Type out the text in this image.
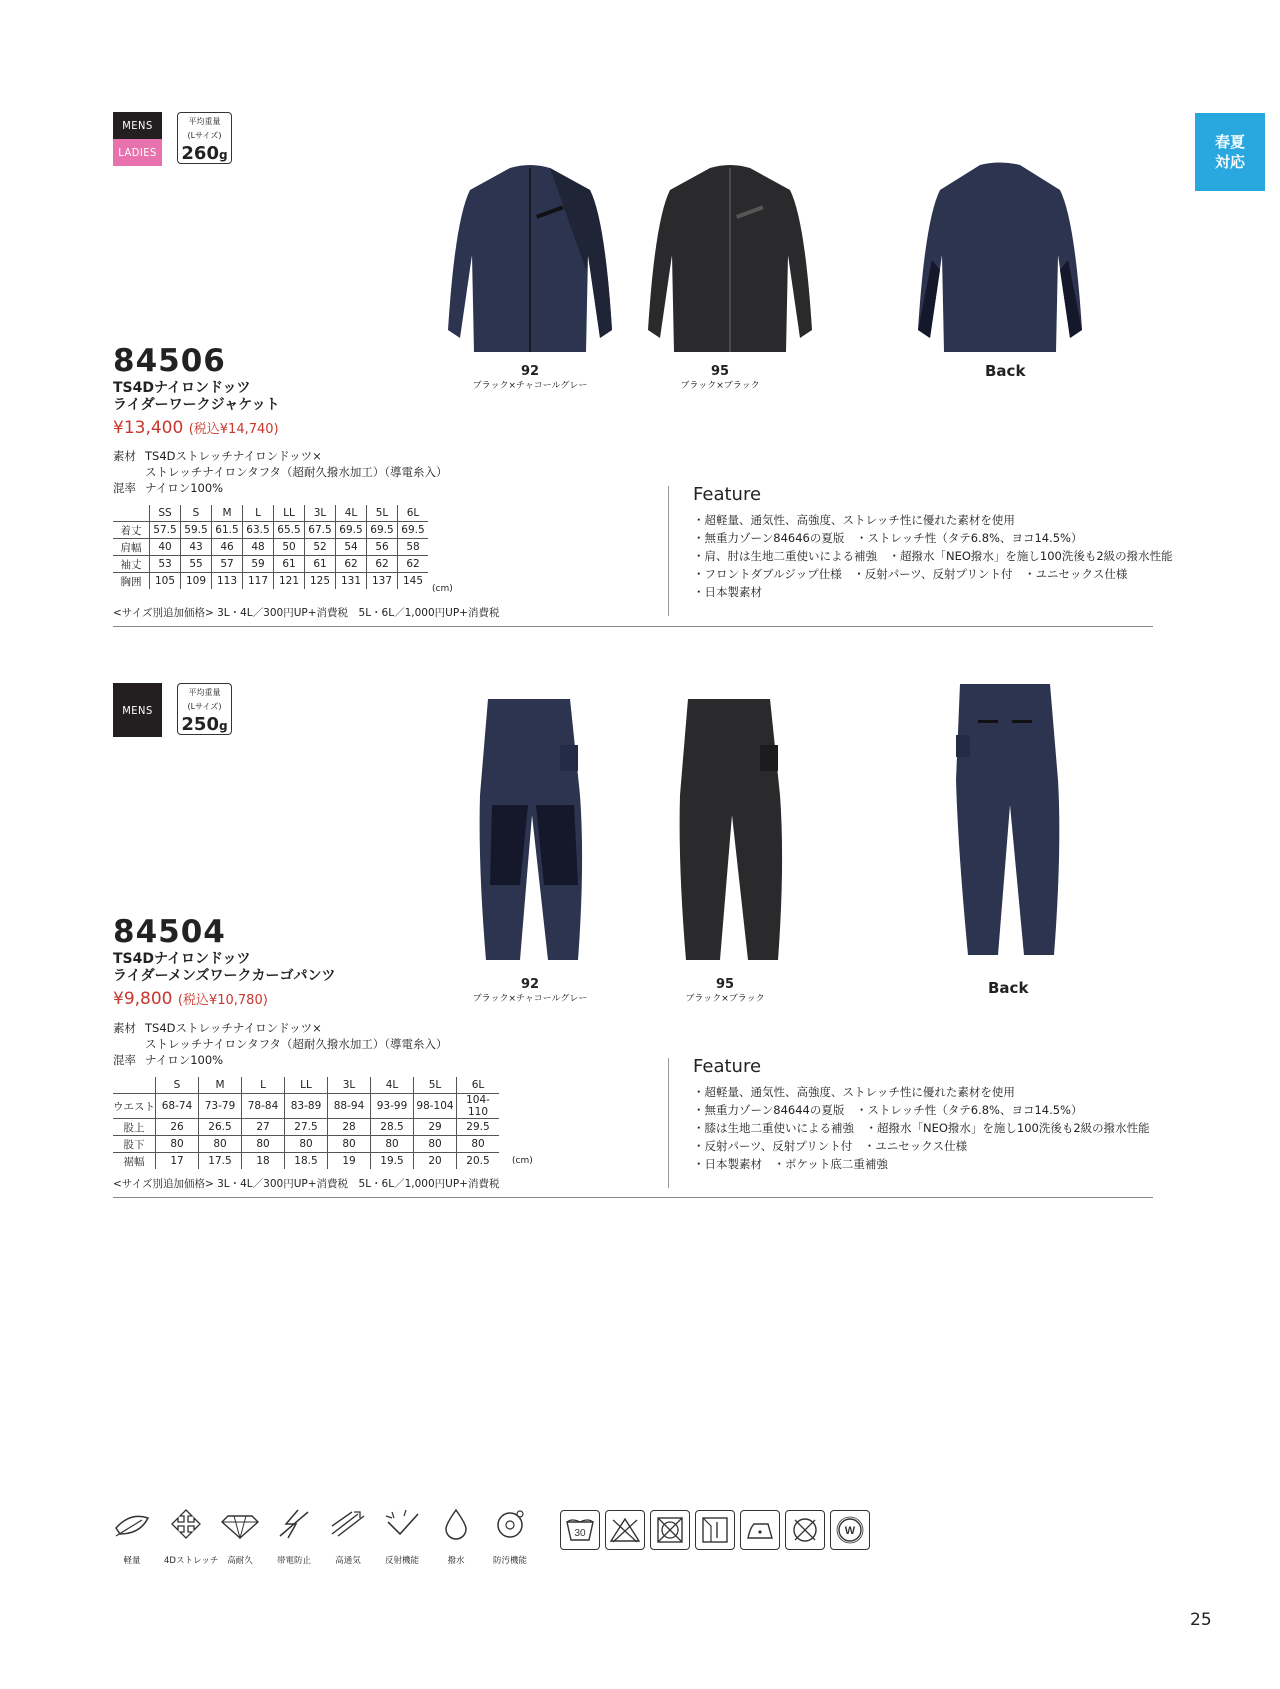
春夏
対応
MENS
LADIES
平均重量
(Lサイズ)
260g
92
ブラック×チャコールグレー
95
ブラック×ブラック
Back
84506
TS4Dナイロンドッツ
ライダーワークジャケット
¥13,400 (税込¥14,740)
素材 TS4Dストレッチナイロンドッツ×
ストレッチナイロンタフタ（超耐久撥水加工）（導電糸入）
混率 ナイロン100%
	SS	S	M	L	LL	3L	4L	5L	6L
着丈	57.5	59.5	61.5	63.5	65.5	67.5	69.5	69.5	69.5
肩幅	40	43	46	48	50	52	54	56	58
袖丈	53	55	57	59	61	61	62	62	62
胸囲	105	109	113	117	121	125	131	137	145
(cm)
<サイズ別追加価格> 3L・4L／300円UP+消費税　5L・6L／1,000円UP+消費税
Feature
・超軽量、通気性、高強度、ストレッチ性に優れた素材を使用
・無重力ゾーン84646の夏版　・ストレッチ性（タテ6.8%、ヨコ14.5%）
・肩、肘は生地二重使いによる補強　・超撥水「NEO撥水」を施し100洗後も2級の撥水性能
・フロントダブルジップ仕様　・反射パーツ、反射プリント付　・ユニセックス仕様
・日本製素材
MENS
平均重量
(Lサイズ)
250g
92
ブラック×チャコールグレー
95
ブラック×ブラック
Back
84504
TS4Dナイロンドッツ
ライダーメンズワークカーゴパンツ
¥9,800 (税込¥10,780)
素材 TS4Dストレッチナイロンドッツ×
ストレッチナイロンタフタ（超耐久撥水加工）（導電糸入）
混率 ナイロン100%
	S	M	L	LL	3L	4L	5L	6L
ウエスト	68-74	73-79	78-84	83-89	88-94	93-99	98-104	104-110
股上	26	26.5	27	27.5	28	28.5	29	29.5
股下	80	80	80	80	80	80	80	80
裾幅	17	17.5	18	18.5	19	19.5	20	20.5 (cm)
<サイズ別追加価格> 3L・4L／300円UP+消費税　5L・6L／1,000円UP+消費税
Feature
・超軽量、通気性、高強度、ストレッチ性に優れた素材を使用
・無重力ゾーン84644の夏版　・ストレッチ性（タテ6.8%、ヨコ14.5%）
・膝は生地二重使いによる補強　・超撥水「NEO撥水」を施し100洗後も2級の撥水性能
・反射パーツ、反射プリント付　・ユニセックス仕様
・日本製素材　・ポケット底二重補強
軽量	4Dストレッチ	高耐久	帯電防止	高通気	反射機能	撥水	防汚機能
30	W
25
